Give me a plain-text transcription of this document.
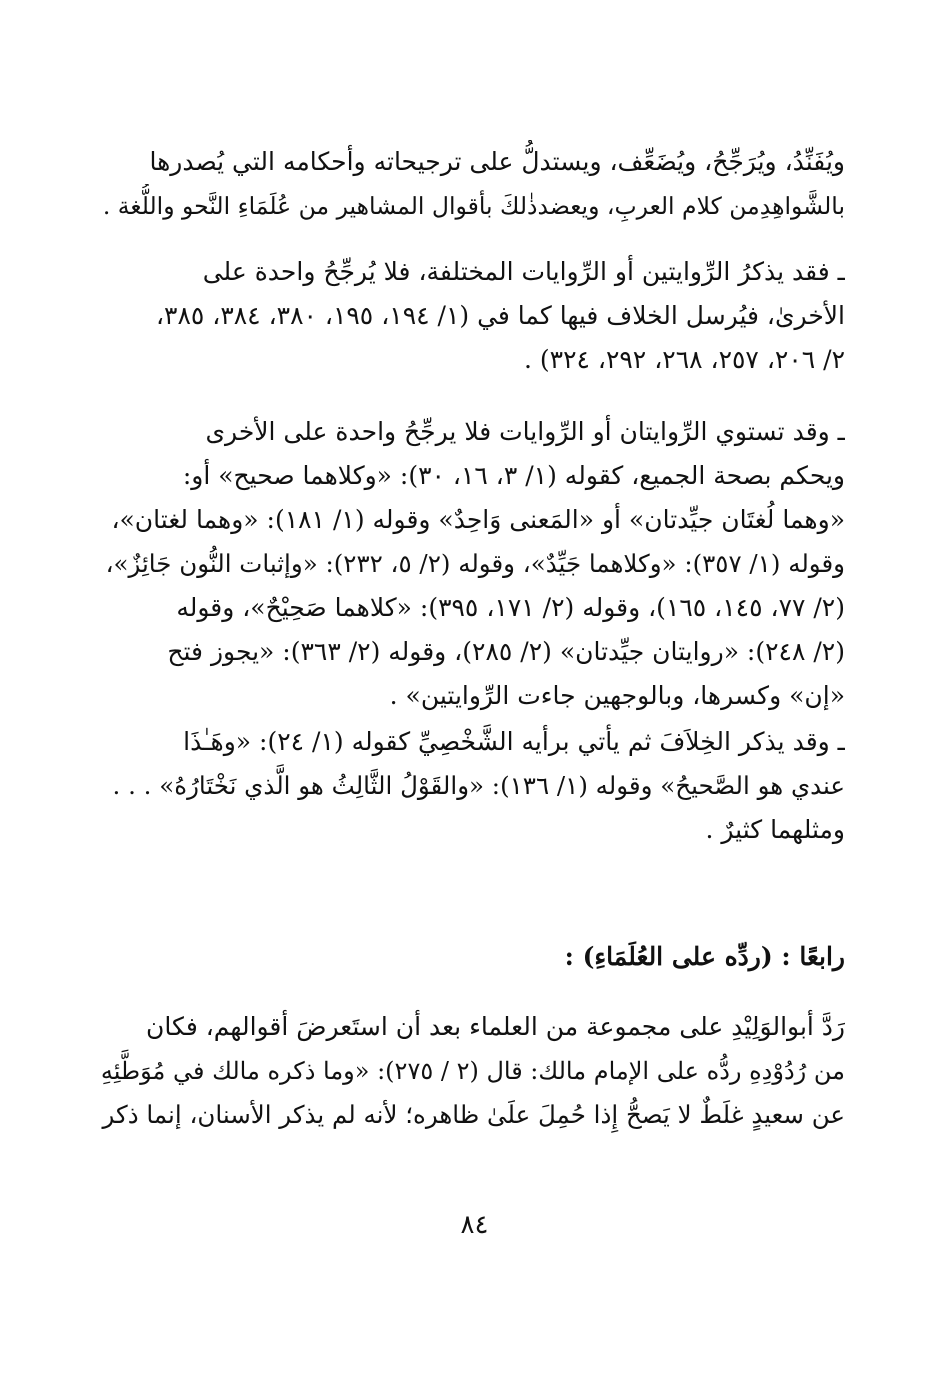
ويُفَنِّدُ، ويُرَجِّحُ، ويُضَعِّف، ويستدلُّ على ترجيحاته وأحكامه التي يُصدرها
بالشَّواهِدِمن كلام العربِ، ويعضدذٰلكَ بأقوال المشاهير من عُلَمَاءِ النَّحو واللُّغة .
ـ فقد يذكرُ الرِّوايتين أو الرِّوايات المختلفة، فلا يُرجِّحُ واحدة على
الأخرىٰ، فيُرسل الخلاف فيها كما في (١/ ١٩٤، ١٩٥، ٣٨٠، ٣٨٤، ٣٨٥،
٢/ ٢٠٦، ٢٥٧، ٢٦٨، ٢٩٢، ٣٢٤) .
ـ وقد تستوي الرِّوايتان أو الرِّوايات فلا يرجِّحُ واحدة على الأخرى
ويحكم بصحة الجميع، كقوله (١/ ٣، ١٦، ٣٠): «وكلاهما صحيح» أو:
«وهما لُغتَان جيِّدتان» أو «المَعنى وَاحِدٌ» وقوله (١/ ١٨١): «وهما لغتان»،
وقوله (١/ ٣٥٧): «وكلاهما جَيِّدٌ»، وقوله (٢/ ٥، ٢٣٢): «وإثبات النُّون جَائِزٌ»،
(٢/ ٧٧، ١٤٥، ١٦٥)، وقوله (٢/ ١٧١، ٣٩٥): «كلاهما صَحِيْحٌ»، وقوله
(٢/ ٢٤٨): «روايتان جيِّدتان» (٢/ ٢٨٥)، وقوله (٢/ ٣٦٣): «يجوز فتح
«إن» وكسرها، وبالوجهين جاءت الرِّوايتين» .
ـ وقد يذكر الخِلاَفَ ثم يأتي برأيه الشَّخْصِيِّ كقوله (١/ ٢٤): «وهَـٰذَا
عندي هو الصَّحيحُ» وقوله (١/ ١٣٦): «والقَوْلُ الثَّالِثُ هو الَّذي نَخْتَارُهُ» . . .
ومثلهما كثيرٌ .
رابعًا : (ردِّه على العُلَمَاءِ) :
رَدَّ أبوالوَلِيْدِ على مجموعة من العلماء بعد أن استَعرضَ أقوالهم، فكان
من رُدُوْدِهِ ردُّه على الإمام مالك: قال (٢ / ٢٧٥): «وما ذكره مالك في مُوَطَّئِهِ
عن سعيدٍ غلَطٌ لا يَصحُّ إِذا حُمِلَ علَىٰ ظاهره؛ لأنه لم يذكر الأسنان، إنما ذكر
٨٤
